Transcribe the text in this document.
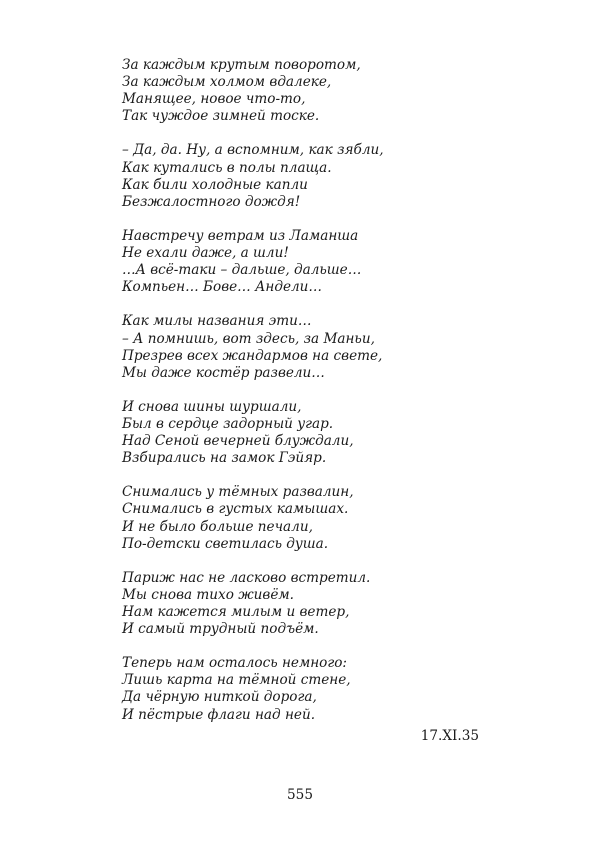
За каждым крутым поворотом,
За каждым холмом вдалеке,
Манящее, новое что-то,
Так чуждое зимней тоске.
– Да, да. Ну, а вспомним, как зябли,
Как кутались в полы плаща.
Как били холодные капли
Безжалостного дождя!
Навстречу ветрам из Ламанша
Не ехали даже, а шли!
…А всё-таки – дальше, дальше…
Компьен… Бове… Андели…
Как милы названия эти…
– А помнишь, вот здесь, за Маньи,
Презрев всех жандармов на свете,
Мы даже костёр развели…
И снова шины шуршали,
Был в сердце задорный угар.
Над Сеной вечерней блуждали,
Взбирались на замок Гэйяр.
Снимались у тёмных развалин,
Снимались в густых камышах.
И не было больше печали,
По-детски светилась душа.
Париж нас не ласково встретил.
Мы снова тихо живём.
Нам кажется милым и ветер,
И самый трудный подъём.
Теперь нам осталось немного:
Лишь карта на тёмной стене,
Да чёрную ниткой дорога,
И пёстрые флаги над ней.
17.XI.35
555
